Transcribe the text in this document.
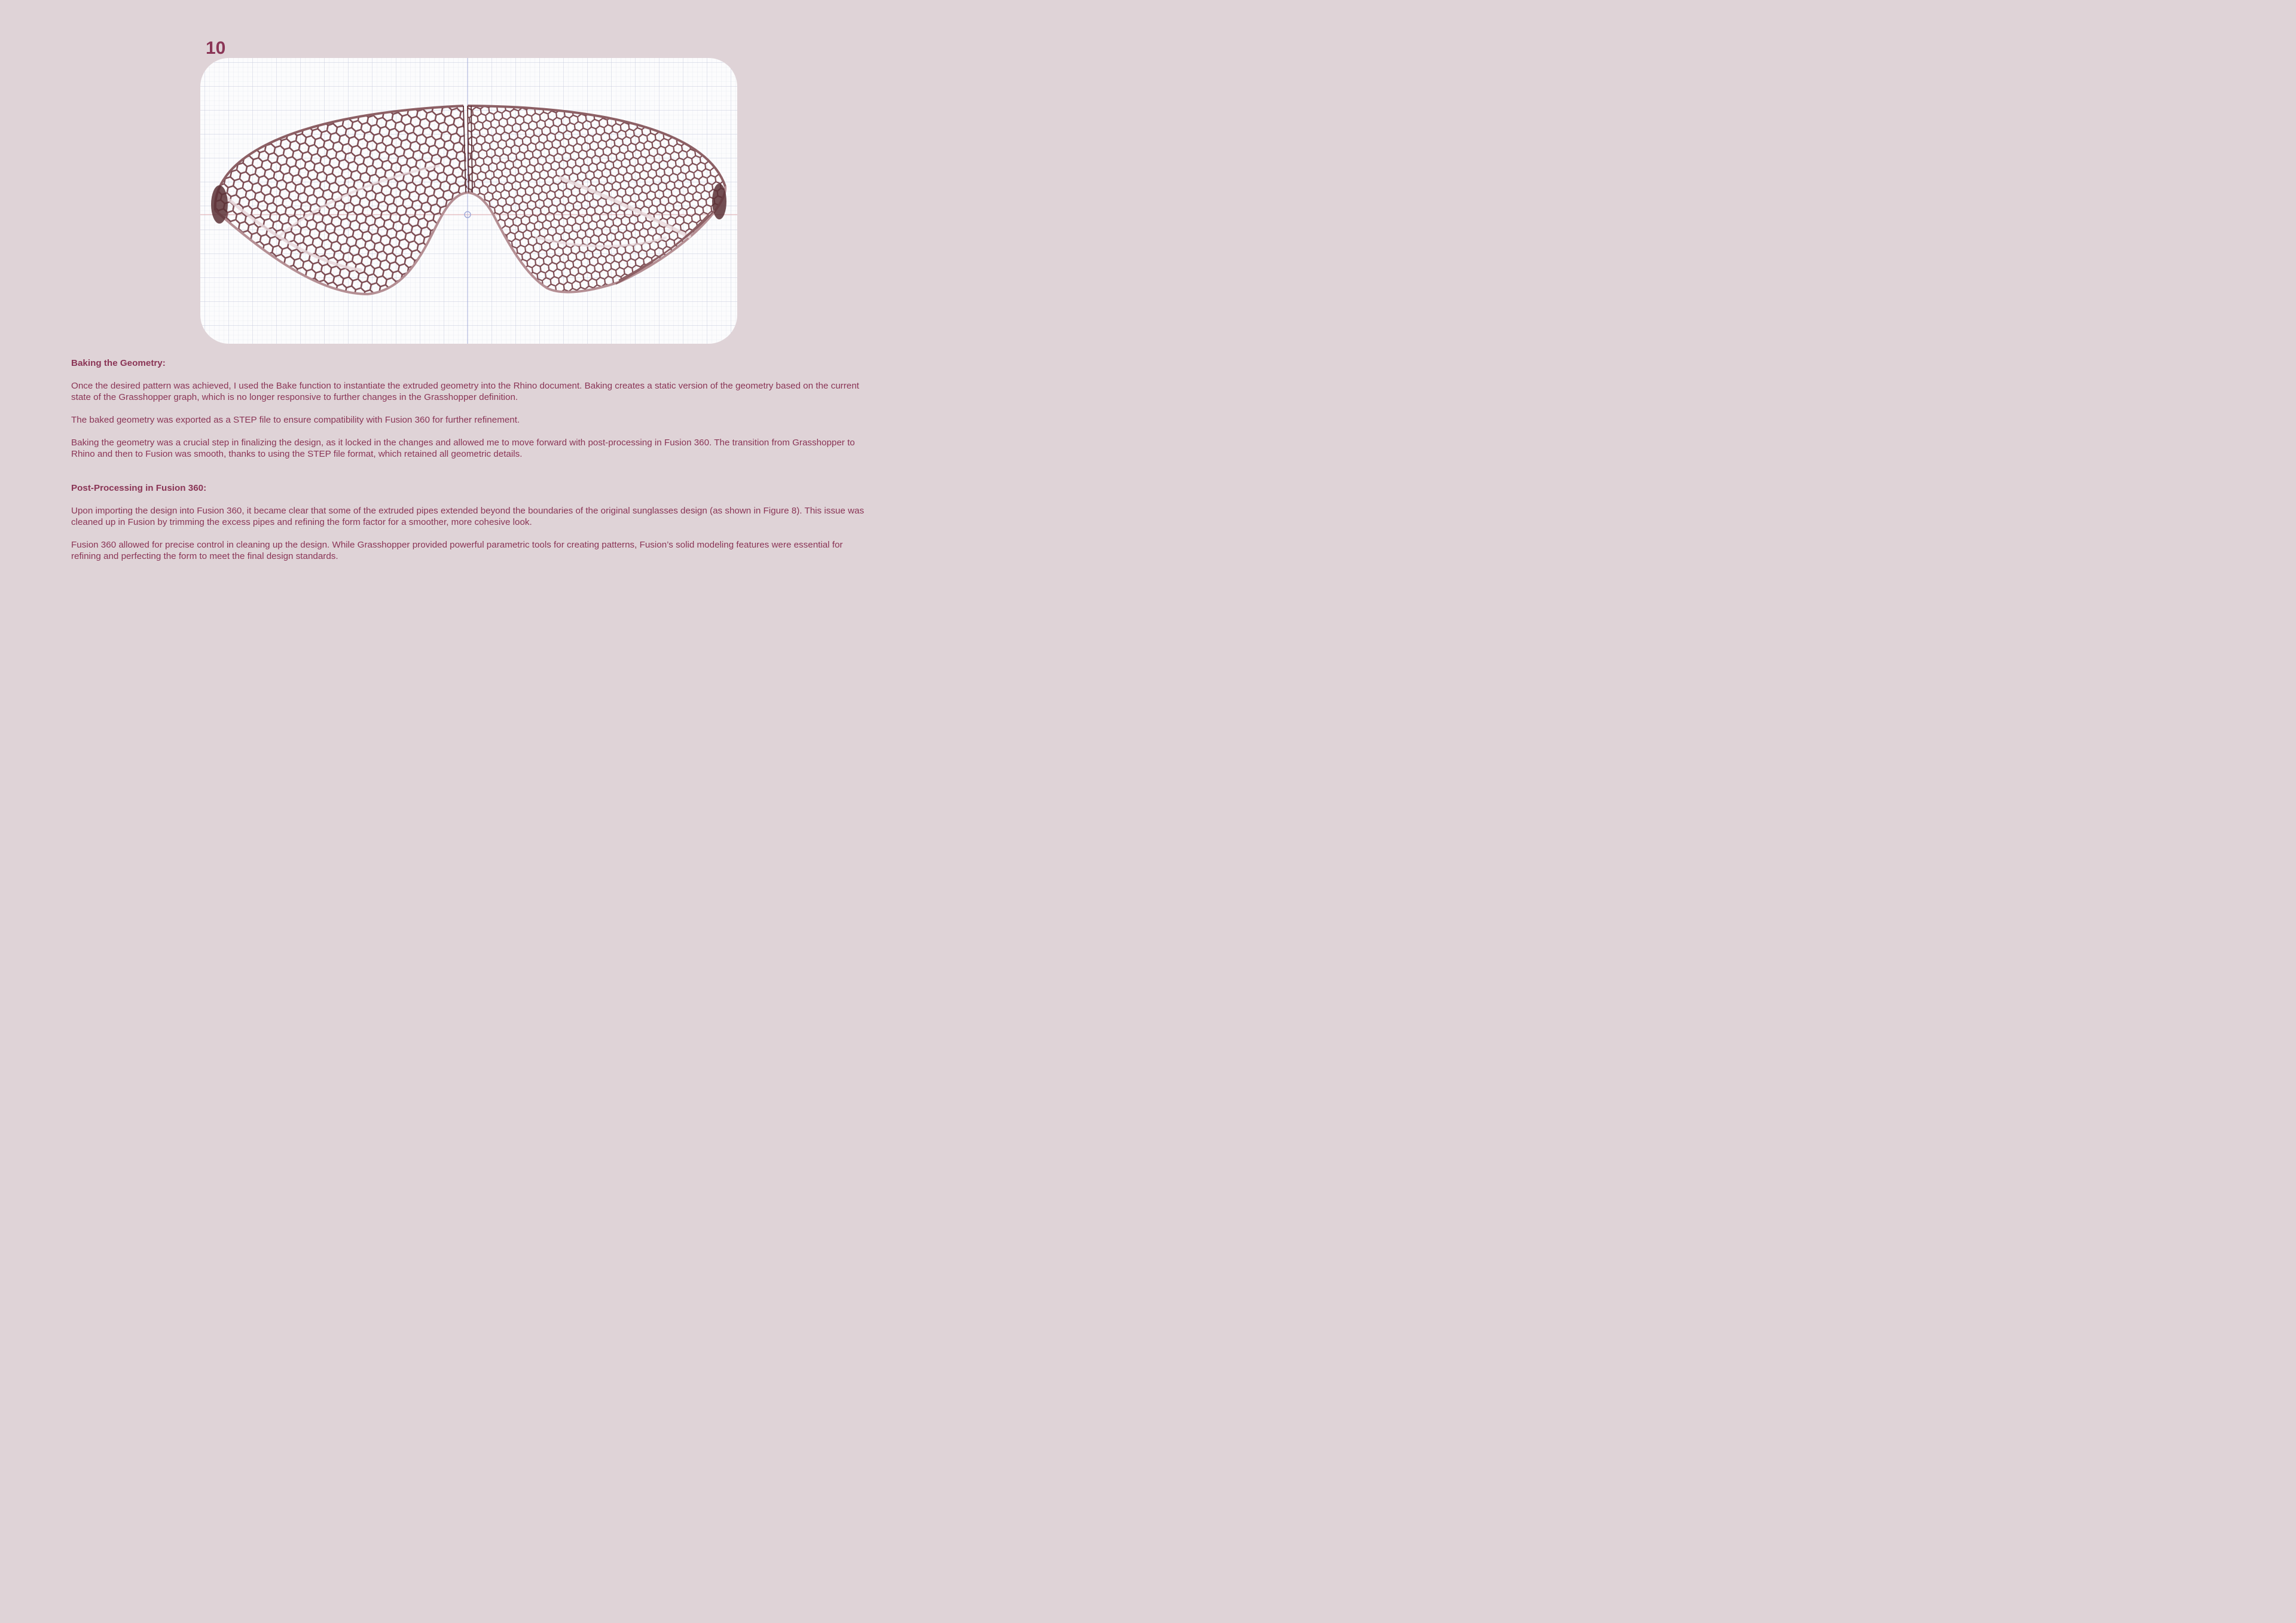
10
Baking the Geometry:
Once the desired pattern was achieved, I used the Bake function to instantiate the extruded geometry into the Rhino document. Baking creates a static version of the geometry based on the current state of the Grasshopper graph, which is no longer responsive to further changes in the Grasshopper definition.
The baked geometry was exported as a STEP file to ensure compatibility with Fusion 360 for further refinement.
Baking the geometry was a crucial step in finalizing the design, as it locked in the changes and allowed me to move forward with post-processing in Fusion 360. The transition from Grasshopper to Rhino and then to Fusion was smooth, thanks to using the STEP file format, which retained all geometric details.
Post-Processing in Fusion 360:
Upon importing the design into Fusion 360, it became clear that some of the extruded pipes extended beyond the boundaries of the original sunglasses design (as shown in Figure 8). This issue was cleaned up in Fusion by trimming the excess pipes and refining the form factor for a smoother, more cohesive look.
Fusion 360 allowed for precise control in cleaning up the design. While Grasshopper provided powerful parametric tools for creating patterns, Fusion’s solid modeling features were essential for refining and perfecting the form to meet the final design standards.
